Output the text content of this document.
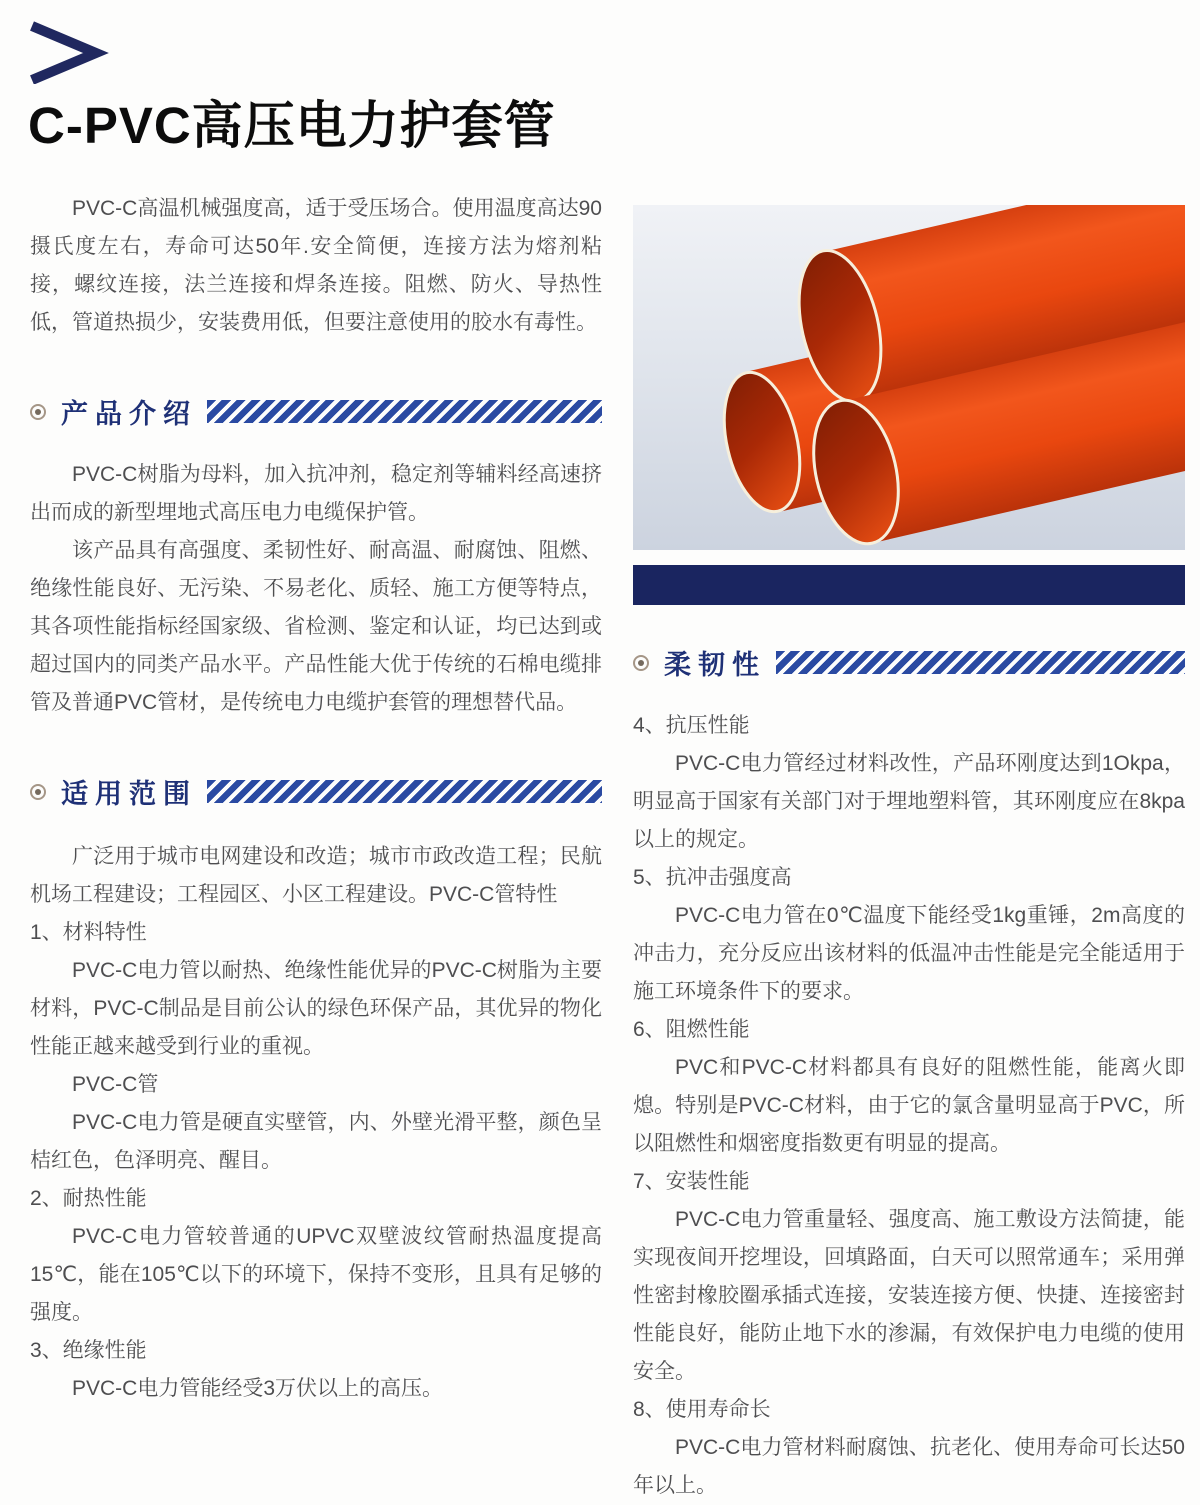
C-PVC高压电力护套管

PVC-C高温机械强度高，适于受压场合。使用温度高达90摄氏度左右，寿命可达50年.安全简便，连接方法为熔剂粘接，螺纹连接，法兰连接和焊条连接。阻燃、防火、导热性低，管道热损少，安装费用低，但要注意使用的胶水有毒性。

产品介绍

PVC-C树脂为母料，加入抗冲剂，稳定剂等辅料经高速挤出而成的新型埋地式高压电力电缆保护管。

该产品具有高强度、柔韧性好、耐高温、耐腐蚀、阻燃、绝缘性能良好、无污染、不易老化、质轻、施工方便等特点，其各项性能指标经国家级、省检测、鉴定和认证，均已达到或超过国内的同类产品水平。产品性能大优于传统的石棉电缆排管及普通PVC管材，是传统电力电缆护套管的理想替代品。

适用范围

广泛用于城市电网建设和改造；城市市政改造工程；民航机场工程建设；工程园区、小区工程建设。PVC-C管特性

1、材料特性

PVC-C电力管以耐热、绝缘性能优异的PVC-C树脂为主要材料，PVC-C制品是目前公认的绿色环保产品，其优异的物化性能正越来越受到行业的重视。

PVC-C管

PVC-C电力管是硬直实壁管，内、外壁光滑平整，颜色呈桔红色，色泽明亮、醒目。

2、耐热性能

PVC-C电力管较普通的UPVC双壁波纹管耐热温度提高15℃，能在105℃以下的环境下，保持不变形，且具有足够的强度。

3、绝缘性能

PVC-C电力管能经受3万伏以上的高压。

柔韧性

4、抗压性能

PVC-C电力管经过材料改性，产品环刚度达到1Okpa，明显高于国家有关部门对于埋地塑料管，其环刚度应在8kpa以上的规定。

5、抗冲击强度高

PVC-C电力管在0℃温度下能经受1kg重锤，2m高度的冲击力，充分反应出该材料的低温冲击性能是完全能适用于施工环境条件下的要求。

6、阻燃性能

PVC和PVC-C材料都具有良好的阻燃性能，能离火即熄。特别是PVC-C材料，由于它的氯含量明显高于PVC，所以阻燃性和烟密度指数更有明显的提高。

7、安装性能

PVC-C电力管重量轻、强度高、施工敷设方法简捷，能实现夜间开挖埋设，回填路面，白天可以照常通车；采用弹性密封橡胶圈承插式连接，安装连接方便、快捷、连接密封性能良好，能防止地下水的渗漏，有效保护电力电缆的使用安全。

8、使用寿命长

PVC-C电力管材料耐腐蚀、抗老化、使用寿命可长达50年以上。
